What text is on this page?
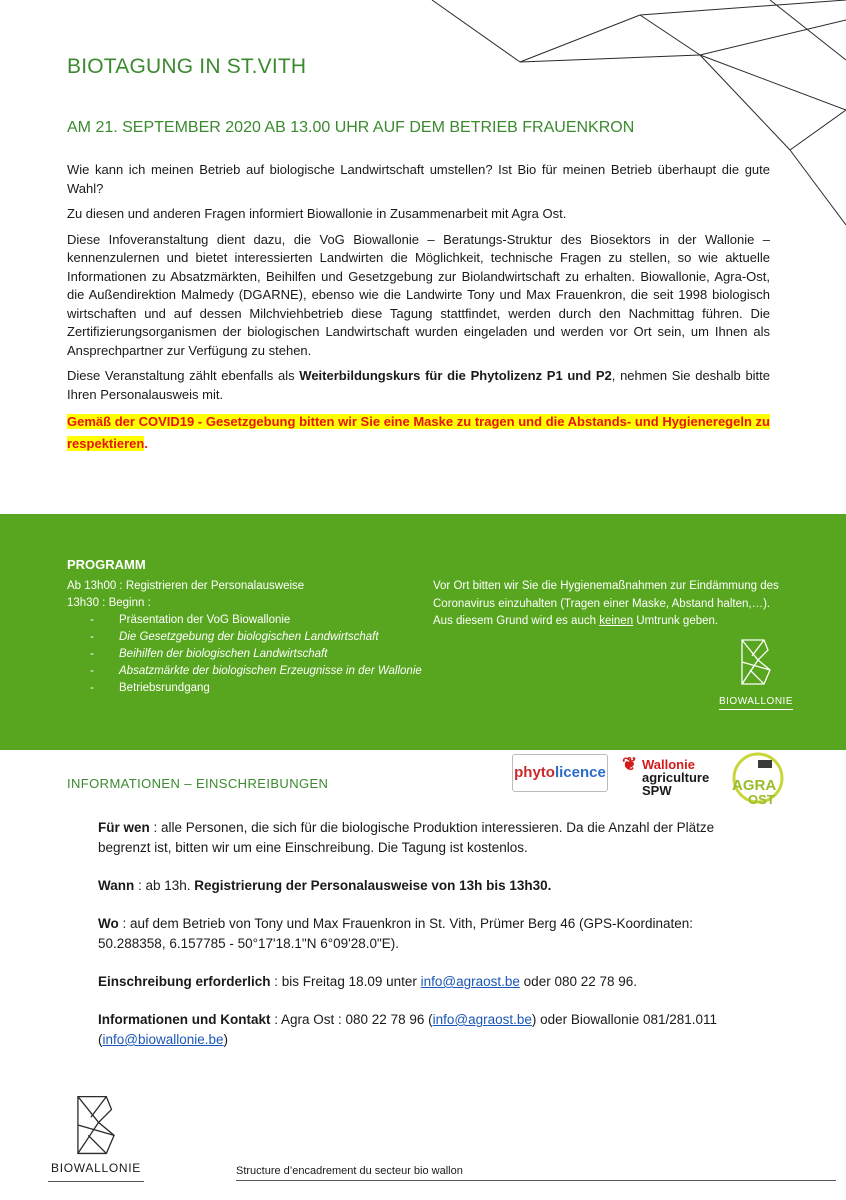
BIOTAGUNG IN ST.VITH
AM 21. SEPTEMBER 2020 AB 13.00 UHR AUF DEM BETRIEB FRAUENKRON

Wie kann ich meinen Betrieb auf biologische Landwirtschaft umstellen? Ist Bio für meinen Betrieb überhaupt die gute Wahl?

Zu diesen und anderen Fragen informiert Biowallonie in Zusammenarbeit mit Agra Ost.

Diese Infoveranstaltung dient dazu, die VoG Biowallonie – Beratungs-Struktur des Biosektors in der Wallonie – kennenzulernen und bietet interessierten Landwirten die Möglichkeit, technische Fragen zu stellen, so wie aktuelle Informationen zu Absatzmärkten, Beihilfen und Gesetzgebung zur Biolandwirtschaft zu erhalten. Biowallonie, Agra-Ost, die Außendirektion Malmedy (DGARNE), ebenso wie die Landwirte Tony und Max Frauenkron, die seit 1998 biologisch wirtschaften und auf dessen Milchviehbetrieb diese Tagung stattfindet, werden durch den Nachmittag führen. Die Zertifizierungsorganismen der biologischen Landwirtschaft wurden eingeladen und werden vor Ort sein, um Ihnen als Ansprechpartner zur Verfügung zu stehen.

Diese Veranstaltung zählt ebenfalls als Weiterbildungskurs für die Phytolizenz P1 und P2, nehmen Sie deshalb bitte Ihren Personalausweis mit.

Gemäß der COVID19 - Gesetzgebung bitten wir Sie eine Maske zu tragen und die Abstands- und Hygieneregeln zu respektieren.

PROGRAMM
Ab 13h00 : Registrieren der Personalausweise
13h30 : Beginn :
- Präsentation der VoG Biowallonie
- Die Gesetzgebung der biologischen Landwirtschaft
- Beihilfen der biologischen Landwirtschaft
- Absatzmärkte der biologischen Erzeugnisse in der Wallonie
- Betriebsrundgang
Vor Ort bitten wir Sie die Hygienemaßnahmen zur Eindämmung des Coronavirus einzuhalten (Tragen einer Maske, Abstand halten,…). Aus diesem Grund wird es auch keinen Umtrunk geben.
BIOWALLONIE
INFORMATIONEN – EINSCHREIBUNGEN
phytolicence ❦ Wallonie
agriculture
SPW	AGRA
OST

Für wen : alle Personen, die sich für die biologische Produktion interessieren. Da die Anzahl der Plätze begrenzt ist, bitten wir um eine Einschreibung. Die Tagung ist kostenlos.

Wann : ab 13h. Registrierung der Personalausweise von 13h bis 13h30.

Wo : auf dem Betrieb von Tony und Max Frauenkron in St. Vith, Prümer Berg 46 (GPS-Koordinaten: 50.288358, 6.157785 - 50°17'18.1"N 6°09'28.0"E).

Einschreibung erforderlich : bis Freitag 18.09 unter info@agraost.be oder 080 22 78 96.

Informationen und Kontakt : Agra Ost : 080 22 78 96 (info@agraost.be) oder Biowallonie 081/281.011 (info@biowallonie.be)

BIOWALLONIE	Structure d’encadrement du secteur bio wallon
